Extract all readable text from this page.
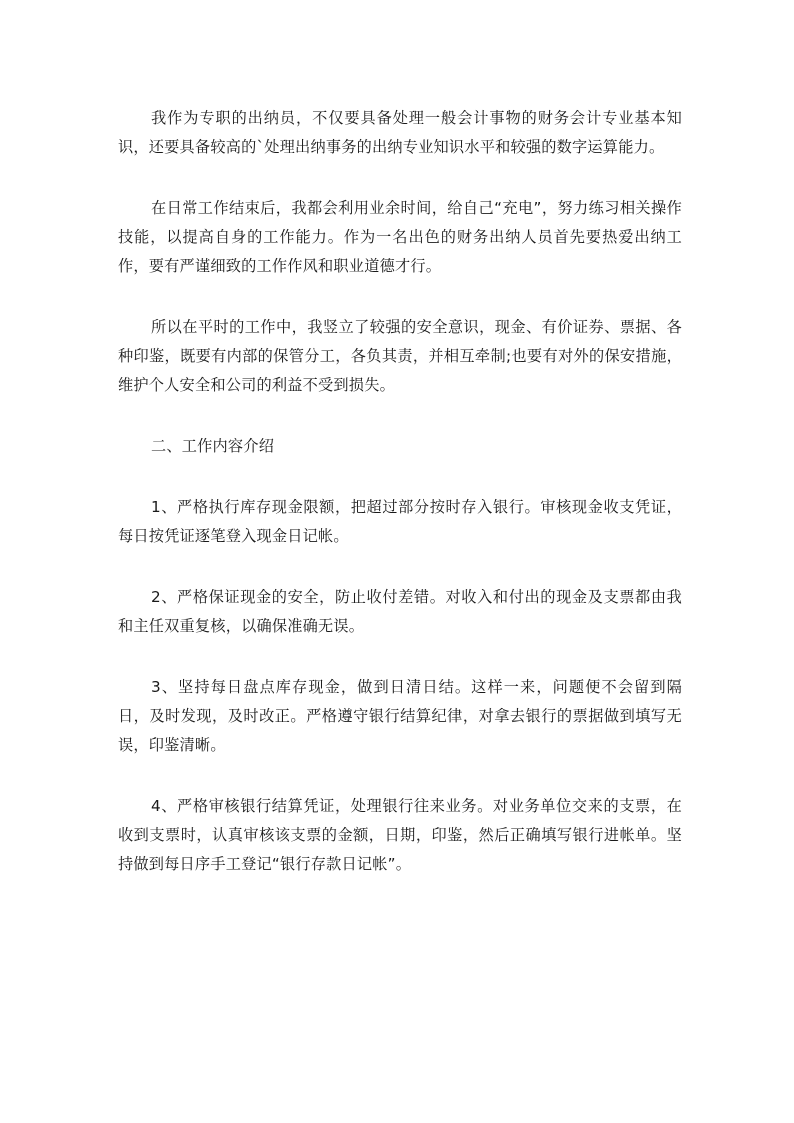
我作为专职的出纳员，不仅要具备处理一般会计事物的财务会计专业基本知识，还要具备较高的`处理出纳事务的出纳专业知识水平和较强的数字运算能力。

在日常工作结束后，我都会利用业余时间，给自己“充电”，努力练习相关操作技能，以提高自身的工作能力。作为一名出色的财务出纳人员首先要热爱出纳工作，要有严谨细致的工作作风和职业道德才行。

所以在平时的工作中，我竖立了较强的安全意识，现金、有价证券、票据、各种印鉴，既要有内部的保管分工，各负其责，并相互牵制;也要有对外的保安措施，维护个人安全和公司的利益不受到损失。

二、工作内容介绍

1、严格执行库存现金限额，把超过部分按时存入银行。审核现金收支凭证，每日按凭证逐笔登入现金日记帐。

2、严格保证现金的安全，防止收付差错。对收入和付出的现金及支票都由我和主任双重复核，以确保准确无误。

3、坚持每日盘点库存现金，做到日清日结。这样一来，问题便不会留到隔日，及时发现，及时改正。严格遵守银行结算纪律，对拿去银行的票据做到填写无误，印鉴清晰。

4、严格审核银行结算凭证，处理银行往来业务。对业务单位交来的支票，在收到支票时，认真审核该支票的金额，日期，印鉴，然后正确填写银行进帐单。坚持做到每日序手工登记“银行存款日记帐”。
